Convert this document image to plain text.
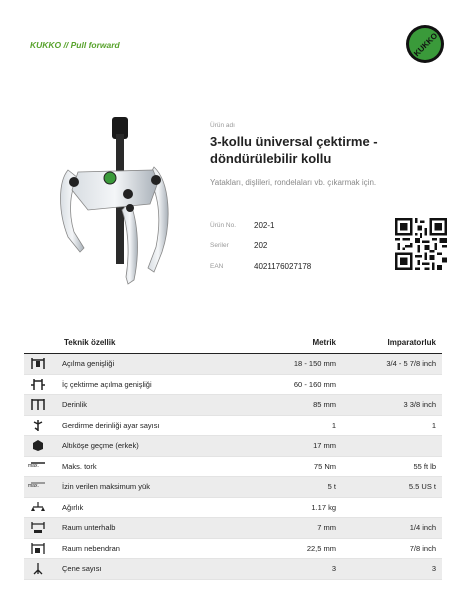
KUKKO // Pull forward	KUKKO
Ürün adı
3-kollu üniversal çektirme - döndürülebilir kollu
Yatakları, dişlileri, rondelaları vb. çıkarmak için.
Ürün No. 202-1
Seriler	202
EAN	4021176027178
Teknik özellik	Metrik	Imparatorluk
Açılma genişliği	18 - 150 mm	3/4 - 5 7/8 inch
İç çektirme açılma genişliği	60 - 160 mm
Derinlik	85 mm	3 3/8 inch
Gerdirme derinliği ayar sayısı	1	1
Altıköşe geçme (erkek)	17 mm
max.	Maks. tork	75 Nm	55 ft lb
max.	İzin verilen maksimum yük	5 t	5.5 US t
Ağırlık	1.17 kg
Raum unterhalb	7 mm	1/4 inch
Raum nebendran	22,5 mm	7/8 inch
Çene sayısı	3	3
